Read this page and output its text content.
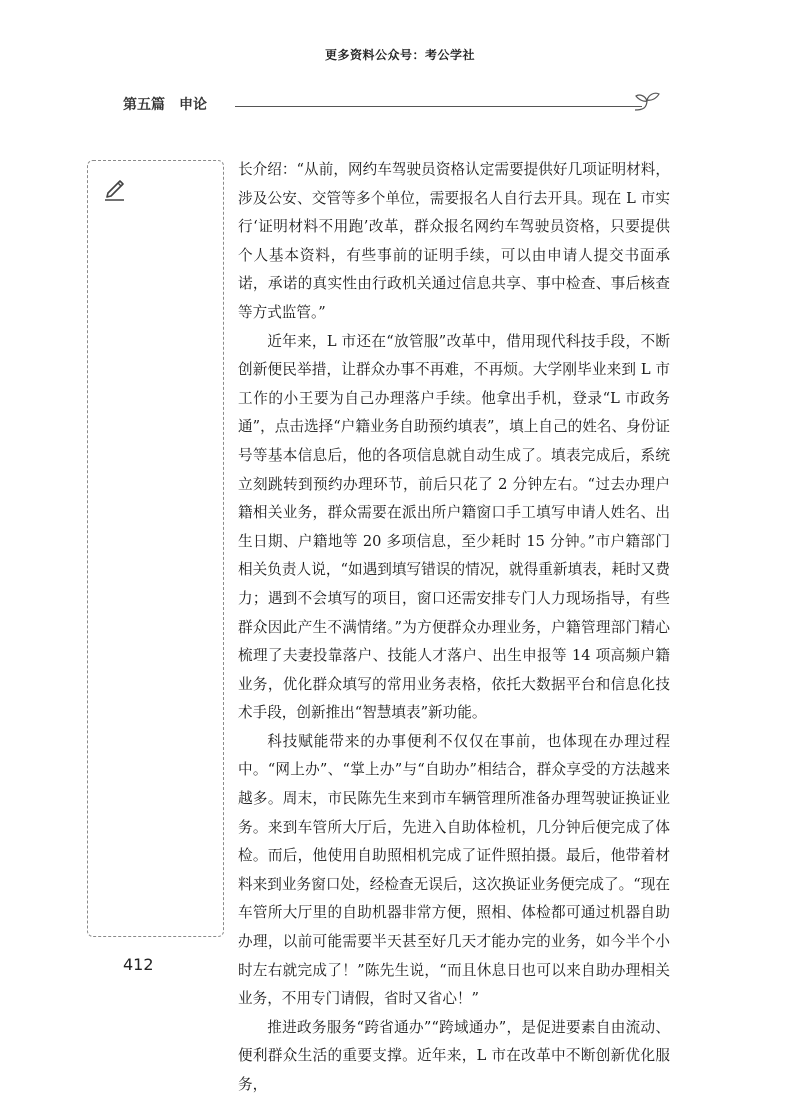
更多资料公众号：考公学社
第五篇　申论

长介绍：“从前，网约车驾驶员资格认定需要提供好几项证明材料，涉及公安、交管等多个单位，需要报名人自行去开具。现在 L 市实行‘证明材料不用跑’改革，群众报名网约车驾驶员资格，只要提供个人基本资料，有些事前的证明手续，可以由申请人提交书面承诺，承诺的真实性由行政机关通过信息共享、事中检查、事后核查等方式监管。”

近年来，L 市还在“放管服”改革中，借用现代科技手段，不断创新便民举措，让群众办事不再难，不再烦。大学刚毕业来到 L 市工作的小王要为自己办理落户手续。他拿出手机，登录“L 市政务通”，点击选择“户籍业务自助预约填表”，填上自己的姓名、身份证号等基本信息后，他的各项信息就自动生成了。填表完成后，系统立刻跳转到预约办理环节，前后只花了 2 分钟左右。“过去办理户籍相关业务，群众需要在派出所户籍窗口手工填写申请人姓名、出生日期、户籍地等 20 多项信息，至少耗时 15 分钟。”市户籍部门相关负责人说，“如遇到填写错误的情况，就得重新填表，耗时又费力；遇到不会填写的项目，窗口还需安排专门人力现场指导，有些群众因此产生不满情绪。”为方便群众办理业务，户籍管理部门精心梳理了夫妻投靠落户、技能人才落户、出生申报等 14 项高频户籍业务，优化群众填写的常用业务表格，依托大数据平台和信息化技术手段，创新推出“智慧填表”新功能。

科技赋能带来的办事便利不仅仅在事前，也体现在办理过程中。“网上办”、“掌上办”与“自助办”相结合，群众享受的方法越来越多。周末，市民陈先生来到市车辆管理所准备办理驾驶证换证业务。来到车管所大厅后，先进入自助体检机，几分钟后便完成了体检。而后，他使用自助照相机完成了证件照拍摄。最后，他带着材料来到业务窗口处，经检查无误后，这次换证业务便完成了。“现在车管所大厅里的自助机器非常方便，照相、体检都可通过机器自助办理，以前可能需要半天甚至好几天才能办完的业务，如今半个小时左右就完成了！”陈先生说，“而且休息日也可以来自助办理相关业务，不用专门请假，省时又省心！”

推进政务服务“跨省通办”“跨域通办”，是促进要素自由流动、便利群众生活的重要支撑。近年来，L 市在改革中不断创新优化服务，

412
